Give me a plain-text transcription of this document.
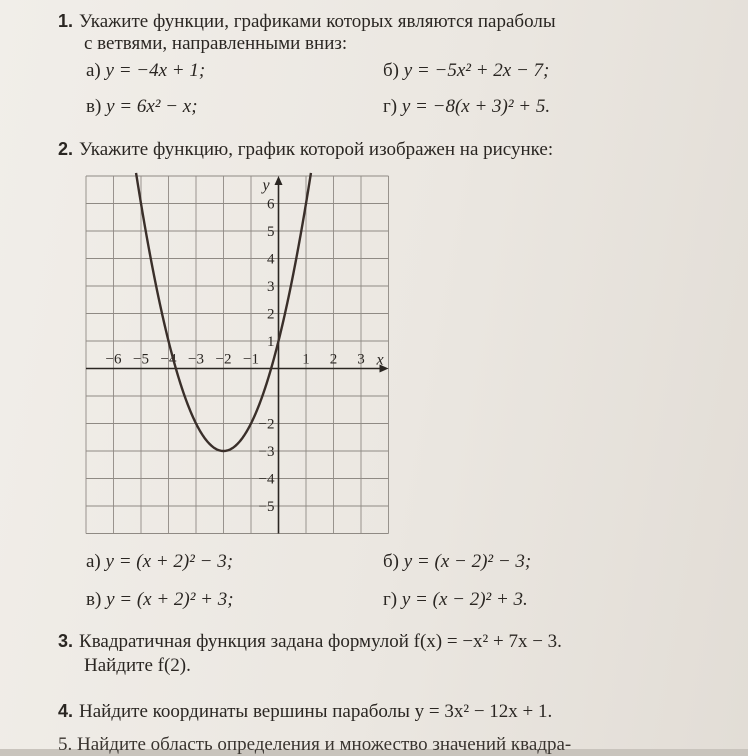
1. Укажите функции, графиками которых являются параболы
с ветвями, направленными вниз:
а) y = −4x + 1;	б) y = −5x² + 2x − 7;
в) y = 6x² − x;	г) y = −8(x + 3)² + 5.
2. Укажите функцию, график которой изображен на рисунке:
x
y
−6 −5 −4 −3 −2 −1	1 2 3
6
5
4
3
2
1
−2
−3
−4
−5
а) y = (x + 2)² − 3;	б) y = (x − 2)² − 3;
в) y = (x + 2)² + 3;	г) y = (x − 2)² + 3.
3. Квадратичная функция задана формулой f(x) = −x² + 7x − 3.
Найдите f(2).
4. Найдите координаты вершины параболы y = 3x² − 12x + 1.
5. Найдите область определения и множество значений квадра-
